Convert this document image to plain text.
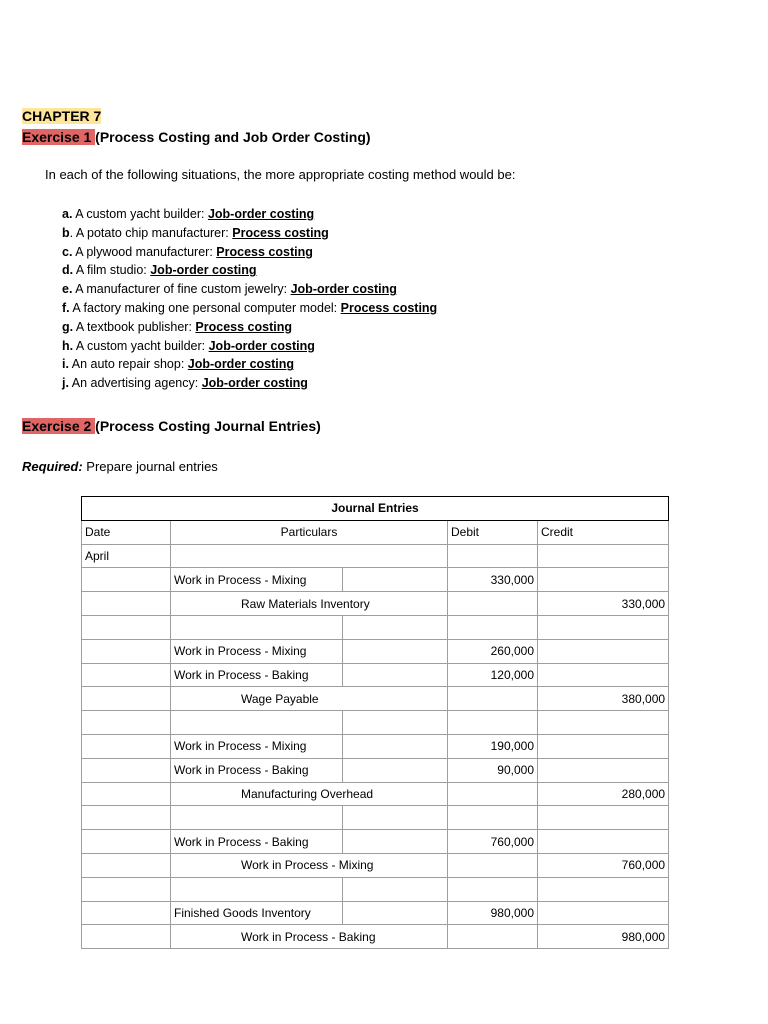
CHAPTER 7
Exercise 1 (Process Costing and Job Order Costing)
In each of the following situations, the more appropriate costing method would be:
a. A custom yacht builder: Job-order costing
b. A potato chip manufacturer: Process costing
c. A plywood manufacturer: Process costing
d. A film studio: Job-order costing
e. A manufacturer of fine custom jewelry: Job-order costing
f. A factory making one personal computer model: Process costing
g. A textbook publisher: Process costing
h. A custom yacht builder: Job-order costing
i. An auto repair shop: Job-order costing
j. An advertising agency: Job-order costing
Exercise 2 (Process Costing Journal Entries)
Required: Prepare journal entries
Journal Entries				
Date	Particulars		Debit	Credit
April				
	Work in Process - Mixing		330,000	
	Raw Materials Inventory			330,000

	Work in Process - Mixing		260,000	
	Work in Process - Baking		120,000	
	Wage Payable			380,000

	Work in Process - Mixing		190,000	
	Work in Process - Baking		90,000	
	Manufacturing Overhead			280,000

	Work in Process - Baking		760,000	
	Work in Process - Mixing			760,000

	Finished Goods Inventory		980,000	
	Work in Process - Baking			980,000
